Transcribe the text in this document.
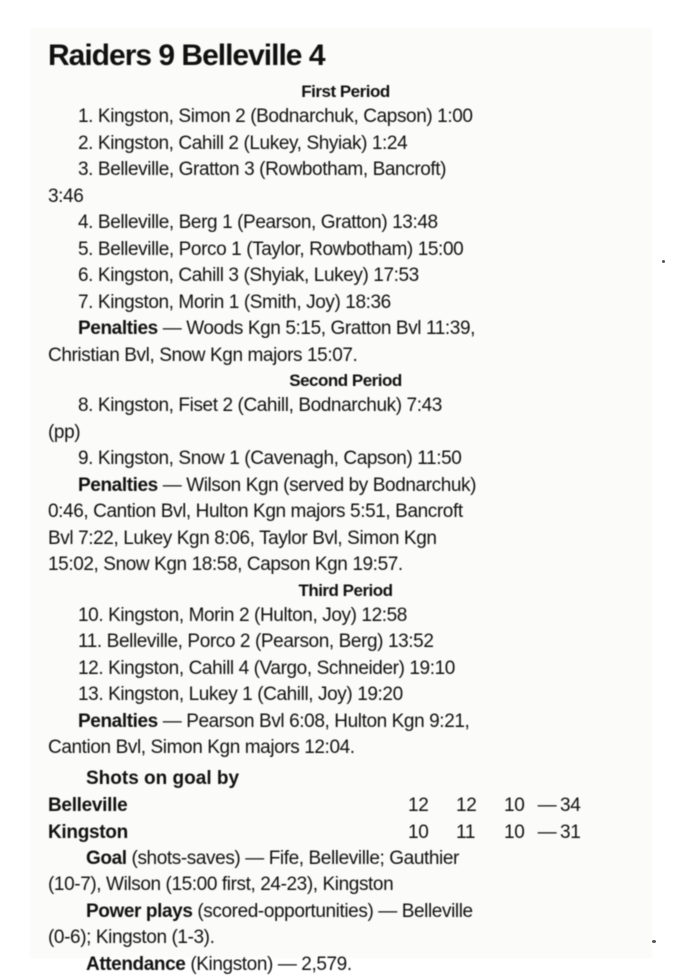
Raiders 9 Belleville 4
First Period
1. Kingston, Simon 2 (Bodnarchuk, Capson) 1:00
2. Kingston, Cahill 2 (Lukey, Shyiak) 1:24
3. Belleville, Gratton 3 (Rowbotham, Bancroft)
3:46
4. Belleville, Berg 1 (Pearson, Gratton) 13:48
5. Belleville, Porco 1 (Taylor, Rowbotham) 15:00
6. Kingston, Cahill 3 (Shyiak, Lukey) 17:53
7. Kingston, Morin 1 (Smith, Joy) 18:36
Penalties — Woods Kgn 5:15, Gratton Bvl 11:39,
Christian Bvl, Snow Kgn majors 15:07.
Second Period
8. Kingston, Fiset 2 (Cahill, Bodnarchuk) 7:43
(pp)
9. Kingston, Snow 1 (Cavenagh, Capson) 11:50
Penalties — Wilson Kgn (served by Bodnarchuk)
0:46, Cantion Bvl, Hulton Kgn majors 5:51, Bancroft
Bvl 7:22, Lukey Kgn 8:06, Taylor Bvl, Simon Kgn
15:02, Snow Kgn 18:58, Capson Kgn 19:57.
Third Period
10. Kingston, Morin 2 (Hulton, Joy) 12:58
11. Belleville, Porco 2 (Pearson, Berg) 13:52
12. Kingston, Cahill 4 (Vargo, Schneider) 19:10
13. Kingston, Lukey 1 (Cahill, Joy) 19:20
Penalties — Pearson Bvl 6:08, Hulton Kgn 9:21,
Cantion Bvl, Simon Kgn majors 12:04.
Shots on goal by
Belleville	12	12	10 — 34
Kingston	10	11	10 — 31
Goal (shots-saves) — Fife, Belleville; Gauthier
(10-7), Wilson (15:00 first, 24-23), Kingston
Power plays (scored-opportunities) — Belleville
(0-6); Kingston (1-3).
Attendance (Kingston) — 2,579.
